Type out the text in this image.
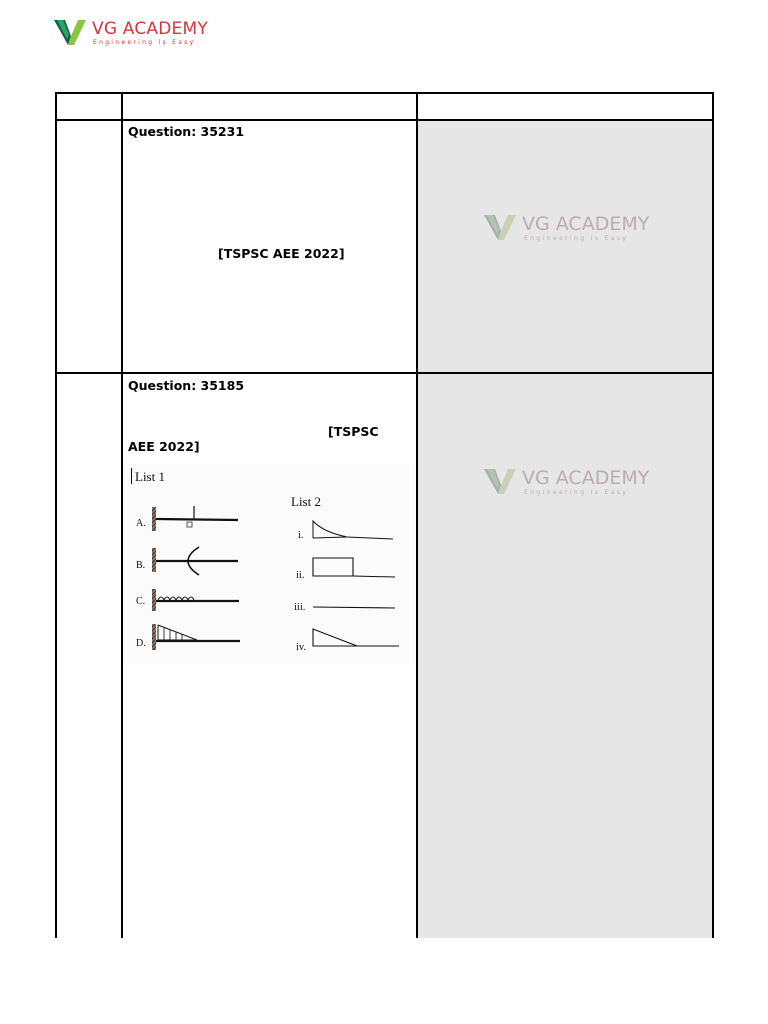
VG ACADEMY
Engineering is Easy
Question: 35231
[TSPSC AEE 2022]
VG ACADEMY
Engineering is Easy
Question: 35185
[TSPSC
AEE 2022]
VG ACADEMY
Engineering is Easy
List 1
A.
B.
C.
D.
List 2
i.
ii.
iii.
iv.
